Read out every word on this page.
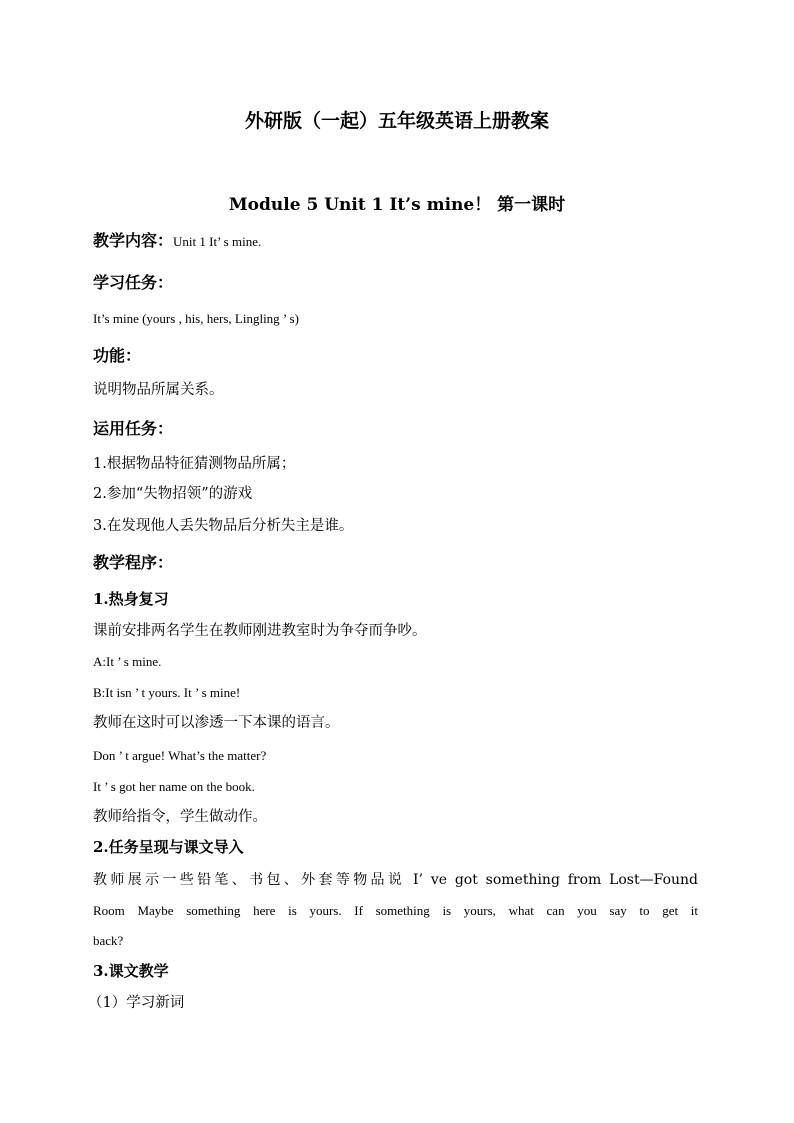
外研版（一起）五年级英语上册教案
Module 5 Unit 1 It’s mine！ 第一课时
教学内容：Unit 1 It’ s mine.
学习任务：
It’s mine (yours , his, hers, Lingling ’ s)
功能：
说明物品所属关系。
运用任务：
1.根据物品特征猜测物品所属；
2.参加“失物招领”的游戏
3.在发现他人丢失物品后分析失主是谁。
教学程序：
1.热身复习
课前安排两名学生在教师刚进教室时为争夺而争吵。
A:It ’ s mine.
B:It isn ’ t yours. It ’ s mine!
教师在这时可以渗透一下本课的语言。
Don ’ t argue! What’s the matter?
It ’ s got her name on the book.
教师给指令，学生做动作。
2.任务呈现与课文导入
教师展示一些铅笔、书包、外套等物品说 I’ ve got something from Lost—Found
Room Maybe something here is yours. If something is yours, what can you say to get it
back?
3.课文教学
（1）学习新词
